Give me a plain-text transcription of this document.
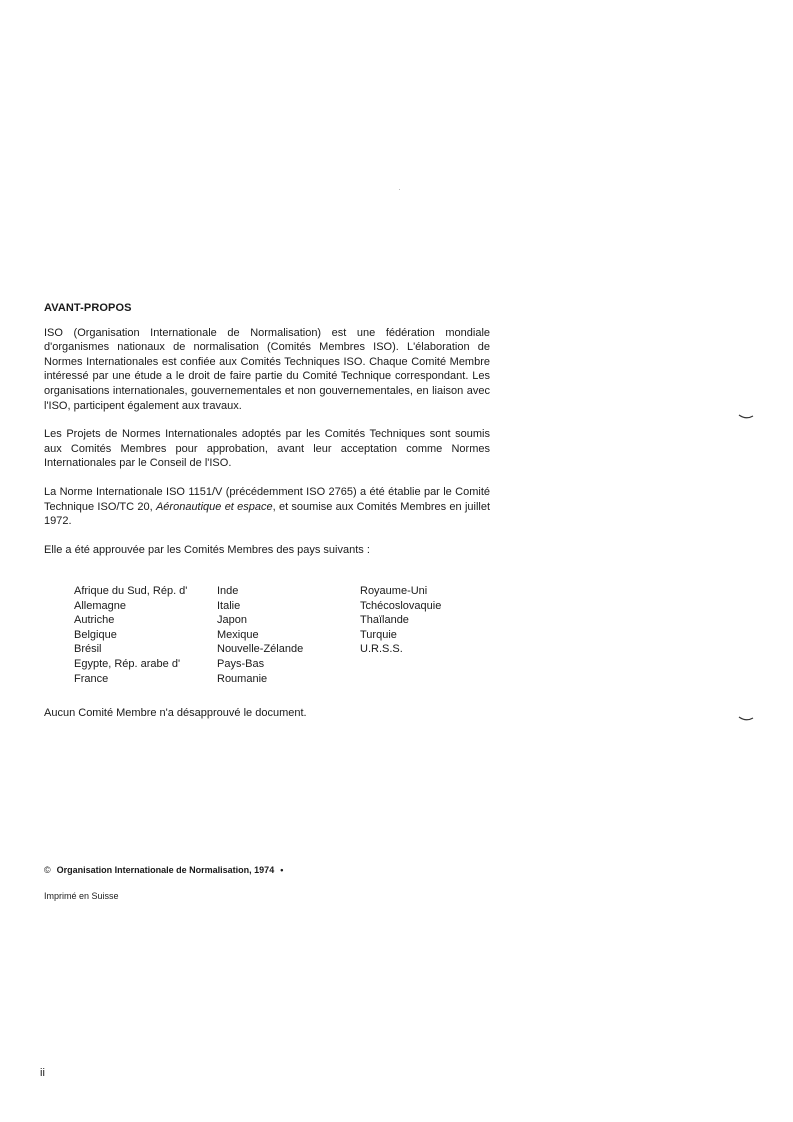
AVANT-PROPOS

ISO (Organisation Internationale de Normalisation) est une fédération mondiale d'organismes nationaux de normalisation (Comités Membres ISO). L'élaboration de Normes Internationales est confiée aux Comités Techniques ISO. Chaque Comité Membre intéressé par une étude a le droit de faire partie du Comité Technique correspondant. Les organisations internationales, gouvernementales et non gouvernementales, en liaison avec l'ISO, participent également aux travaux.

Les Projets de Normes Internationales adoptés par les Comités Techniques sont soumis aux Comités Membres pour approbation, avant leur acceptation comme Normes Internationales par le Conseil de l'ISO.

La Norme Internationale ISO 1151/V (précédemment ISO 2765) a été établie par le Comité Technique ISO/TC 20, Aéronautique et espace, et soumise aux Comités Membres en juillet 1972.

Elle a été approuvée par les Comités Membres des pays suivants :

Afrique du Sud, Rép. d'
Allemagne
Autriche
Belgique
Brésil
Egypte, Rép. arabe d'
France
Inde
Italie
Japon
Mexique
Nouvelle-Zélande
Pays-Bas
Roumanie
Royaume-Uni
Tchécoslovaquie
Thaïlande
Turquie
U.R.S.S.
Aucun Comité Membre n'a désapprouvé le document.
© Organisation Internationale de Normalisation, 1974 •
Imprimé en Suisse
ii
